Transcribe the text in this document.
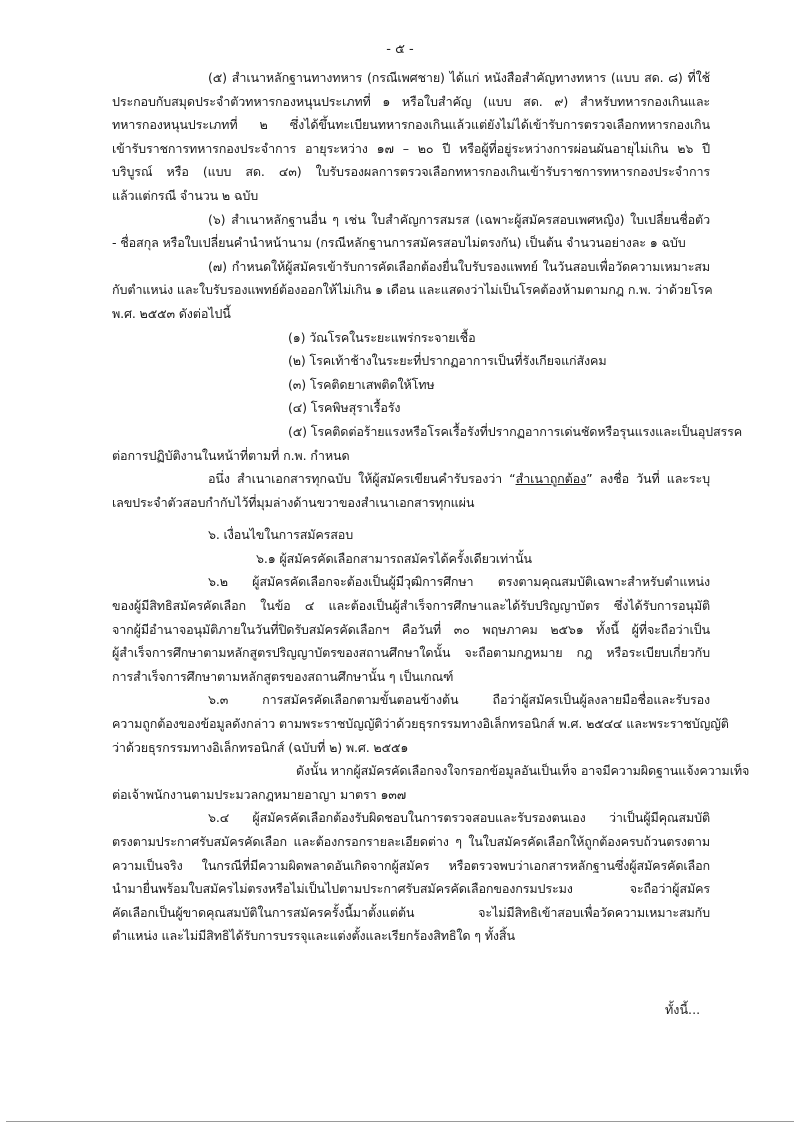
- ๕ -
(๕) สำเนาหลักฐานทางทหาร (กรณีเพศชาย) ได้แก่ หนังสือสำคัญทางทหาร (แบบ สด. ๘) ที่ใช้
ประกอบกับสมุดประจำตัวทหารกองหนุนประเภทที่ ๑ หรือใบสำคัญ (แบบ สด. ๙) สำหรับทหารกองเกินและ
ทหารกองหนุนประเภทที่ ๒ ซึ่งได้ขึ้นทะเบียนทหารกองเกินแล้วแต่ยังไม่ได้เข้ารับการตรวจเลือกทหารกองเกิน
เข้ารับราชการทหารกองประจำการ อายุระหว่าง ๑๗ – ๒๐ ปี หรือผู้ที่อยู่ระหว่างการผ่อนผันอายุไม่เกิน ๒๖ ปี
บริบูรณ์ หรือ (แบบ สด. ๔๓) ใบรับรองผลการตรวจเลือกทหารกองเกินเข้ารับราชการทหารกองประจำการ
แล้วแต่กรณี จำนวน ๒ ฉบับ
(๖) สำเนาหลักฐานอื่น ๆ เช่น ใบสำคัญการสมรส (เฉพาะผู้สมัครสอบเพศหญิง) ใบเปลี่ยนชื่อตัว
- ชื่อสกุล หรือใบเปลี่ยนคำนำหน้านาม (กรณีหลักฐานการสมัครสอบไม่ตรงกัน) เป็นต้น จำนวนอย่างละ ๑ ฉบับ
(๗) กำหนดให้ผู้สมัครเข้ารับการคัดเลือกต้องยื่นใบรับรองแพทย์ ในวันสอบเพื่อวัดความเหมาะสม
กับตำแหน่ง และใบรับรองแพทย์ต้องออกให้ไม่เกิน ๑ เดือน และแสดงว่าไม่เป็นโรคต้องห้ามตามกฎ ก.พ. ว่าด้วยโรค
พ.ศ. ๒๕๕๓ ดังต่อไปนี้
(๑) วัณโรคในระยะแพร่กระจายเชื้อ
(๒) โรคเท้าช้างในระยะที่ปรากฏอาการเป็นที่รังเกียจแก่สังคม
(๓) โรคติดยาเสพติดให้โทษ
(๔) โรคพิษสุราเรื้อรัง
(๕) โรคติดต่อร้ายแรงหรือโรคเรื้อรังที่ปรากฏอาการเด่นชัดหรือรุนแรงและเป็นอุปสรรค
ต่อการปฏิบัติงานในหน้าที่ตามที่ ก.พ. กำหนด
อนึ่ง สำเนาเอกสารทุกฉบับ ให้ผู้สมัครเขียนคำรับรองว่า “สำเนาถูกต้อง” ลงชื่อ วันที่ และระบุ
เลขประจำตัวสอบกำกับไว้ที่มุมล่างด้านขวาของสำเนาเอกสารทุกแผ่น
๖. เงื่อนไขในการสมัครสอบ
๖.๑ ผู้สมัครคัดเลือกสามารถสมัครได้ครั้งเดียวเท่านั้น
๖.๒ ผู้สมัครคัดเลือกจะต้องเป็นผู้มีวุฒิการศึกษา ตรงตามคุณสมบัติเฉพาะสำหรับตำแหน่ง
ของผู้มีสิทธิสมัครคัดเลือก ในข้อ ๔ และต้องเป็นผู้สำเร็จการศึกษาและได้รับปริญญาบัตร ซึ่งได้รับการอนุมัติ
จากผู้มีอำนาจอนุมัติภายในวันที่ปิดรับสมัครคัดเลือกฯ คือวันที่ ๓๐ พฤษภาคม ๒๕๖๑ ทั้งนี้ ผู้ที่จะถือว่าเป็น
ผู้สำเร็จการศึกษาตามหลักสูตรปริญญาบัตรของสถานศึกษาใดนั้น จะถือตามกฎหมาย กฎ หรือระเบียบเกี่ยวกับ
การสำเร็จการศึกษาตามหลักสูตรของสถานศึกษานั้น ๆ เป็นเกณฑ์
๖.๓ การสมัครคัดเลือกตามขั้นตอนข้างต้น ถือว่าผู้สมัครเป็นผู้ลงลายมือชื่อและรับรอง
ความถูกต้องของข้อมูลดังกล่าว ตามพระราชบัญญัติว่าด้วยธุรกรรมทางอิเล็กทรอนิกส์ พ.ศ. ๒๕๔๔ และพระราชบัญญัติ
ว่าด้วยธุรกรรมทางอิเล็กทรอนิกส์ (ฉบับที่ ๒) พ.ศ. ๒๕๕๑
ดังนั้น หากผู้สมัครคัดเลือกจงใจกรอกข้อมูลอันเป็นเท็จ อาจมีความผิดฐานแจ้งความเท็จ
ต่อเจ้าพนักงานตามประมวลกฎหมายอาญา มาตรา ๑๓๗
๖.๔ ผู้สมัครคัดเลือกต้องรับผิดชอบในการตรวจสอบและรับรองตนเอง ว่าเป็นผู้มีคุณสมบัติ
ตรงตามประกาศรับสมัครคัดเลือก และต้องกรอกรายละเอียดต่าง ๆ ในใบสมัครคัดเลือกให้ถูกต้องครบถ้วนตรงตาม
ความเป็นจริง ในกรณีที่มีความผิดพลาดอันเกิดจากผู้สมัคร หรือตรวจพบว่าเอกสารหลักฐานซึ่งผู้สมัครคัดเลือก
นำมายื่นพร้อมใบสมัครไม่ตรงหรือไม่เป็นไปตามประกาศรับสมัครคัดเลือกของกรมประมง จะถือว่าผู้สมัคร
คัดเลือกเป็นผู้ขาดคุณสมบัติในการสมัครครั้งนี้มาตั้งแต่ต้น จะไม่มีสิทธิเข้าสอบเพื่อวัดความเหมาะสมกับ
ตำแหน่ง และไม่มีสิทธิได้รับการบรรจุและแต่งตั้งและเรียกร้องสิทธิใด ๆ ทั้งสิ้น
ทั้งนี้...
